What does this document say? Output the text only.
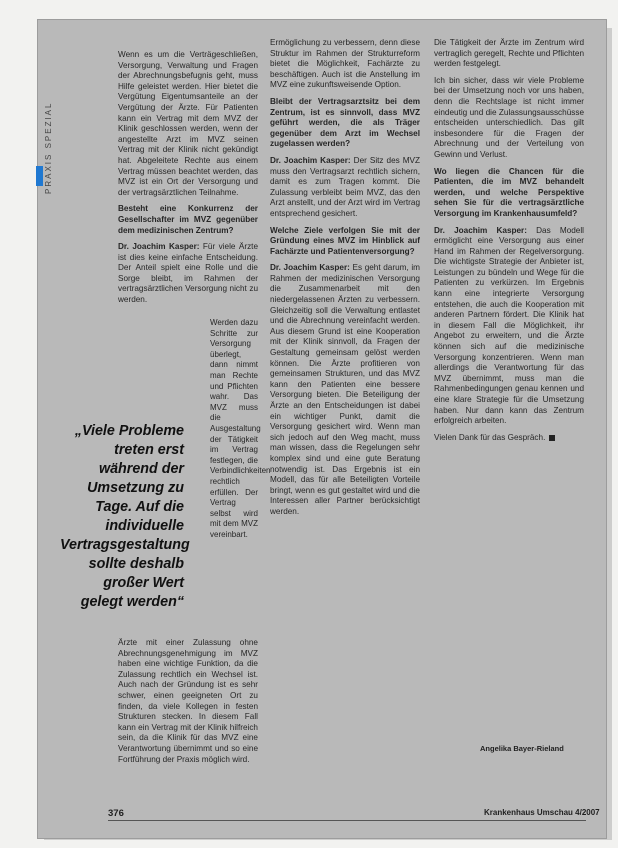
PRAXIS SPEZIAL

Wenn es um die Verträgeschließen, Versorgung, Verwaltung und Fragen der Abrechnungsbefugnis geht, muss Hilfe geleistet werden. Hier bietet die Vergütung Eigentumsanteile an der Vergütung der Ärzte. Für Patienten kann ein Vertrag mit dem MVZ der Klinik geschlossen werden, wenn der angestellte Arzt im MVZ seinen Vertrag mit der Klinik nicht gekündigt hat. Abgeleitete Rechte aus einem Vertrag müssen beachtet werden, das MVZ ist ein Ort der Versorgung und der vertragsärztlichen Teilnahme.

Besteht eine Konkurrenz der Gesellschafter im MVZ gegenüber dem medizinischen Zentrum?

Dr. Joachim Kasper: Für viele Ärzte ist dies keine einfache Entscheidung. Der Anteil spielt eine Rolle und die Sorge bleibt, im Rahmen der vertragsärztlichen Versorgung nicht zu werden.

Werden dazu Schritte zur Versorgung überlegt, dann nimmt man Rechte und Pflichten wahr. Das MVZ muss die Ausgestaltung der Tätigkeit im Vertrag festlegen, die Verbindlichkeiten rechtlich erfüllen. Der Vertrag selbst wird mit dem MVZ vereinbart.
„Viele Probleme treten erst während der Umsetzung zu Tage. Auf die individuelle Vertragsgestaltung sollte deshalb großer Wert gelegt werden“

Ärzte mit einer Zulassung ohne Abrechnungsgenehmigung im MVZ haben eine wichtige Funktion, da die Zulassung rechtlich ein Wechsel ist. Auch nach der Gründung ist es sehr schwer, einen geeigneten Ort zu finden, da viele Kollegen in festen Strukturen stecken. In diesem Fall kann ein Vertrag mit der Klinik hilfreich sein, da die Klinik für das MVZ eine Verantwortung übernimmt und so eine Fortführung der Praxis möglich wird.

Ermöglichung zu verbessern, denn diese Struktur im Rahmen der Strukturreform bietet die Möglichkeit, Fachärzte zu beschäftigen. Auch ist die Anstellung im MVZ eine zukunftsweisende Option.

Bleibt der Vertragsarztsitz bei dem Zentrum, ist es sinnvoll, dass MVZ geführt werden, die als Träger gegenüber dem Arzt im Wechsel zugelassen werden?

Dr. Joachim Kasper: Der Sitz des MVZ muss den Vertragsarzt rechtlich sichern, damit es zum Tragen kommt. Die Zulassung verbleibt beim MVZ, das den Arzt anstellt, und der Arzt wird im Vertrag entsprechend gesichert.

Welche Ziele verfolgen Sie mit der Gründung eines MVZ im Hinblick auf Fachärzte und Patientenversorgung?

Dr. Joachim Kasper: Es geht darum, im Rahmen der medizinischen Versorgung die Zusammenarbeit mit den niedergelassenen Ärzten zu verbessern. Gleichzeitig soll die Verwaltung entlastet und die Abrechnung vereinfacht werden. Aus diesem Grund ist eine Kooperation mit der Klinik sinnvoll, da Fragen der Gestaltung gemeinsam gelöst werden können. Die Ärzte profitieren von gemeinsamen Strukturen, und das MVZ kann den Patienten eine bessere Versorgung bieten. Die Beteiligung der Ärzte an den Entscheidungen ist dabei ein wichtiger Punkt, damit die Versorgung gesichert wird. Wenn man sich jedoch auf den Weg macht, muss man wissen, dass die Regelungen sehr komplex sind und eine gute Beratung notwendig ist. Das Ergebnis ist ein Modell, das für alle Beteiligten Vorteile bringt, wenn es gut gestaltet wird und die Interessen aller Partner berücksichtigt werden.

Die Tätigkeit der Ärzte im Zentrum wird vertraglich geregelt, Rechte und Pflichten werden festgelegt.

Ich bin sicher, dass wir viele Probleme bei der Umsetzung noch vor uns haben, denn die Rechtslage ist nicht immer eindeutig und die Zulassungsausschüsse entscheiden unterschiedlich. Das gilt insbesondere für die Fragen der Abrechnung und der Verteilung von Gewinn und Verlust.

Wo liegen die Chancen für die Patienten, die im MVZ behandelt werden, und welche Perspektive sehen Sie für die vertragsärztliche Versorgung im Krankenhausumfeld?

Dr. Joachim Kasper: Das Modell ermöglicht eine Versorgung aus einer Hand im Rahmen der Regelversorgung. Die wichtigste Strategie der Anbieter ist, Leistungen zu bündeln und Wege für die Patienten zu verkürzen. Im Ergebnis kann eine integrierte Versorgung entstehen, die auch die Kooperation mit anderen Partnern fördert. Die Klinik hat in diesem Fall die Möglichkeit, ihr Angebot zu erweitern, und die Ärzte können sich auf die medizinische Versorgung konzentrieren. Wenn man allerdings die Verantwortung für das MVZ übernimmt, muss man die Rahmenbedingungen genau kennen und eine klare Strategie für die Umsetzung haben. Nur dann kann das Zentrum erfolgreich arbeiten.

Vielen Dank für das Gespräch.

Angelika Bayer-Rieland
376	Krankenhaus Umschau 4/2007
